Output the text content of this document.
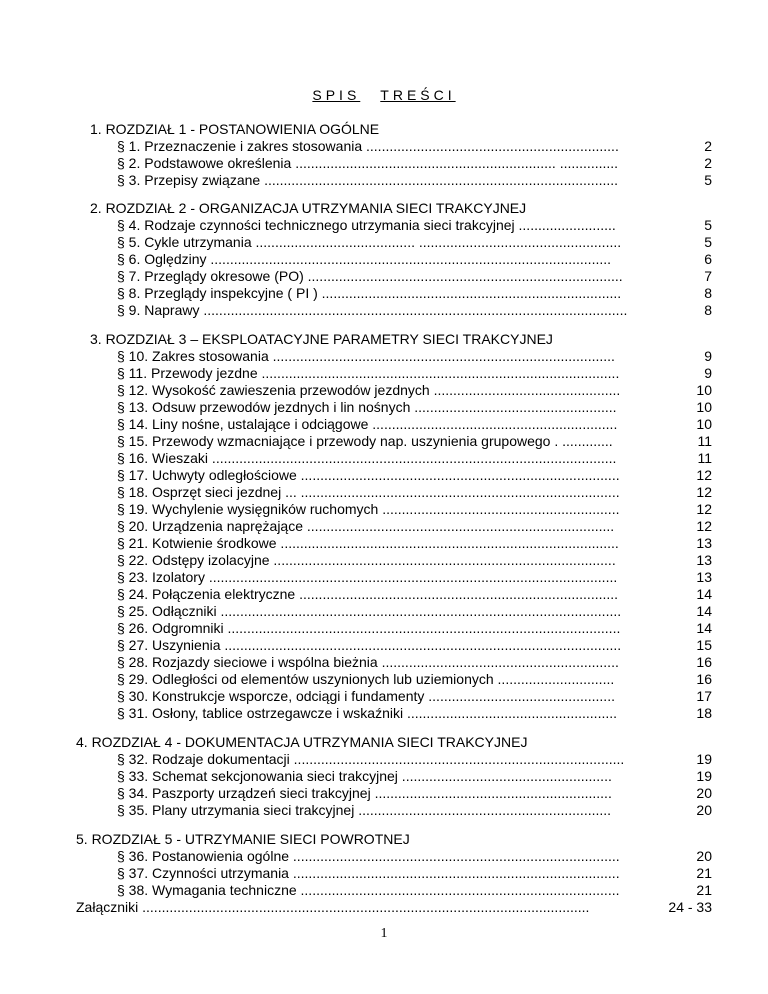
SPIS TREŚCI
1. ROZDZIAŁ 1 - POSTANOWIENIA OGÓLNE
§ 1. Przeznaczenie i zakres stosowania .................................................................	2
§ 2. Podstawowe określenia ................................................................... ...............	2
§ 3. Przepisy związane ...........................................................................................	5
2. ROZDZIAŁ 2 - ORGANIZACJA UTRZYMANIA SIECI TRAKCYJNEJ
§ 4. Rodzaje czynności technicznego utrzymania sieci trakcyjnej .........................	5
§ 5. Cykle utrzymania ......................................... ....................................................	5
§ 6. Oględziny .......................................................................................................	6
§ 7. Przeglądy okresowe (PO) .................................................................................	7
§ 8. Przeglądy inspekcyjne ( PI ) .............................................................................	8
§ 9. Naprawy .............................................................................................................	8
3. ROZDZIAŁ 3 – EKSPLOATACYJNE PARAMETRY SIECI TRAKCYJNEJ
§ 10. Zakres stosowania ........................................................................................	9
§ 11. Przewody jezdne ............................................................................................	9
§ 12. Wysokość zawieszenia przewodów jezdnych ................................................	10
§ 13. Odsuw przewodów jezdnych i lin nośnych ....................................................	10
§ 14. Liny nośne, ustalające i odciągowe ...............................................................	10
§ 15. Przewody wzmacniające i przewody nap. uszynienia grupowego . .............	11
§ 16. Wieszaki ........................................................................................................	11
§ 17. Uchwyty odległościowe ..................................................................................	12
§ 18. Osprzęt sieci jezdnej ... ..................................................................................	12
§ 19. Wychylenie wysięgników ruchomych .............................................................	12
§ 20. Urządzenia naprężające ...............................................................................	12
§ 21. Kotwienie środkowe .......................................................................................	13
§ 22. Odstępy izolacyjne ........................................................................................	13
§ 23. Izolatory .........................................................................................................	13
§ 24. Połączenia elektryczne ..................................................................................	14
§ 25. Odłączniki .......................................................................................................	14
§ 26. Odgromniki .....................................................................................................	14
§ 27. Uszynienia ......................................................................................................	15
§ 28. Rozjazdy sieciowe i wspólna bieżnia .............................................................	16
§ 29. Odległości od elementów uszynionych lub uziemionych ..............................	16
§ 30. Konstrukcje wsporcze, odciągi i fundamenty ................................................	17
§ 31. Osłony, tablice ostrzegawcze i wskaźniki ......................................................	18
4. ROZDZIAŁ 4 - DOKUMENTACJA UTRZYMANIA SIECI TRAKCYJNEJ
§ 32. Rodzaje dokumentacji .....................................................................................	19
§ 33. Schemat sekcjonowania sieci trakcyjnej ......................................................	19
§ 34. Paszporty urządzeń sieci trakcyjnej .............................................................	20
§ 35. Plany utrzymania sieci trakcyjnej .................................................................	20
5. ROZDZIAŁ 5 - UTRZYMANIE SIECI POWROTNEJ
§ 36. Postanowienia ogólne ....................................................................................	20
§ 37. Czynności utrzymania ....................................................................................	21
§ 38. Wymagania techniczne ..................................................................................	21
Załączniki ...................................................................................................................	24 - 33
1
